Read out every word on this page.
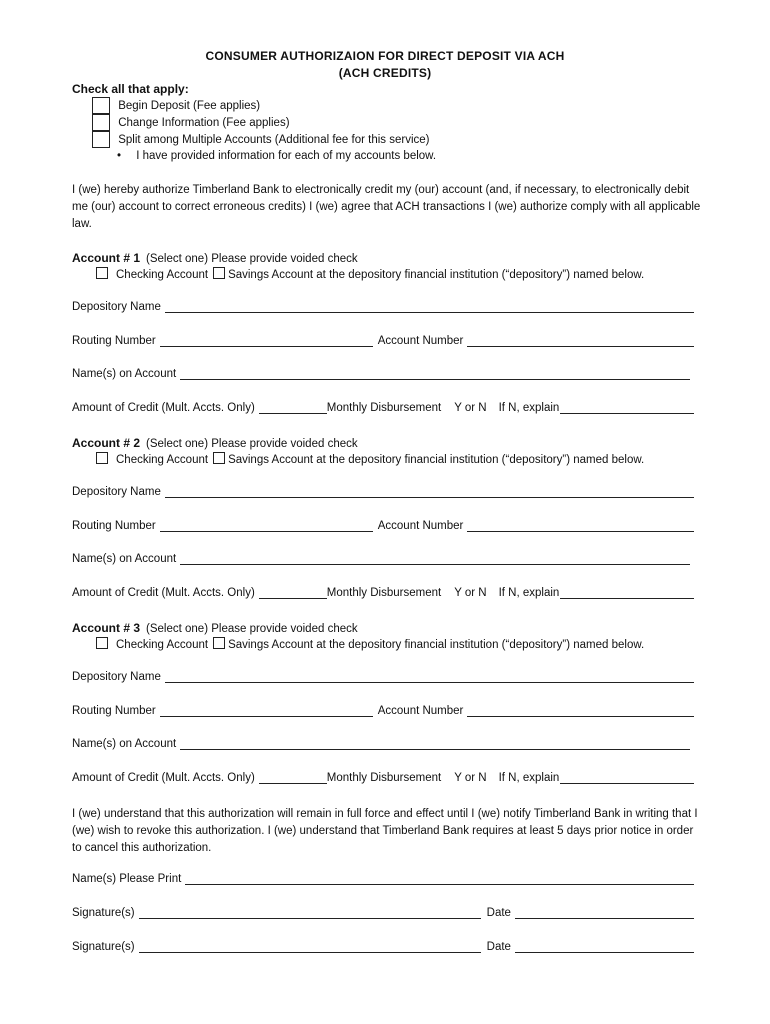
CONSUMER AUTHORIZAION FOR DIRECT DEPOSIT VIA ACH
(ACH CREDITS)
Check all that apply:
Begin Deposit (Fee applies)
Change Information (Fee applies)
Split among Multiple Accounts (Additional fee for this service)
• I have provided information for each of my accounts below.
I (we) hereby authorize Timberland Bank to electronically credit my (our) account (and, if necessary, to electronically debit me (our) account to correct erroneous credits) I (we) agree that ACH transactions I (we) authorize comply with all applicable law.
Account # 1 (Select one) Please provide voided check
Checking Account Savings Account at the depository financial institution (“depository”) named below.
Depository Name
Routing Number	Account Number
Name(s) on Account
Amount of Credit (Mult. Accts. Only)	Monthly Disbursement Y or N If N, explain
Account # 2 (Select one) Please provide voided check
Checking Account Savings Account at the depository financial institution (“depository”) named below.
Depository Name
Routing Number	Account Number
Name(s) on Account
Amount of Credit (Mult. Accts. Only)	Monthly Disbursement Y or N If N, explain
Account # 3 (Select one) Please provide voided check
Checking Account Savings Account at the depository financial institution (“depository”) named below.
Depository Name
Routing Number	Account Number
Name(s) on Account
Amount of Credit (Mult. Accts. Only)	Monthly Disbursement Y or N If N, explain
I (we) understand that this authorization will remain in full force and effect until I (we) notify Timberland Bank in writing that I (we) wish to revoke this authorization. I (we) understand that Timberland Bank requires at least 5 days prior notice in order to cancel this authorization.
Name(s) Please Print
Signature(s)	Date
Signature(s)	Date
